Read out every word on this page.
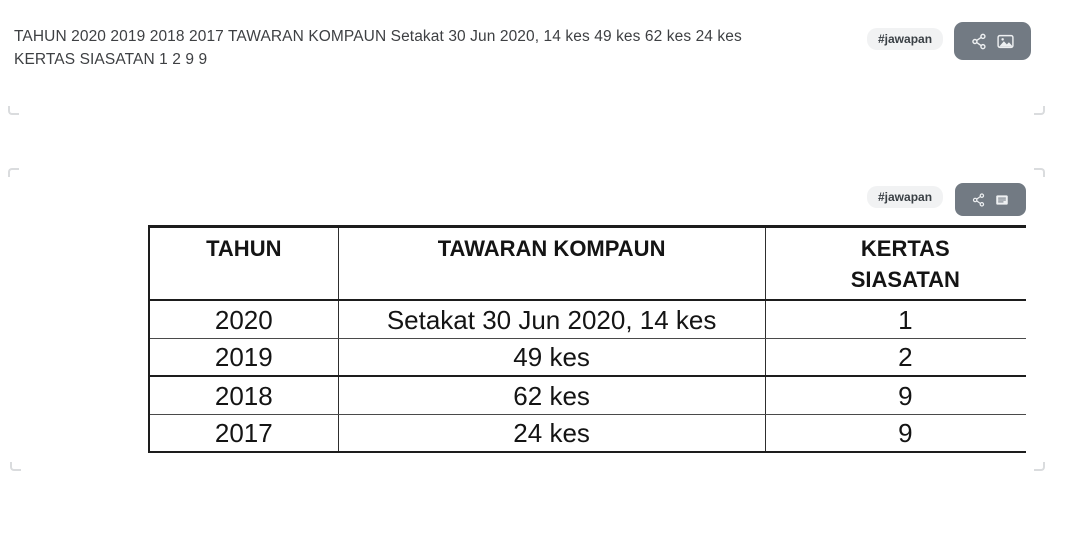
TAHUN 2020 2019 2018 2017 TAWARAN KOMPAUN Setakat 30 Jun 2020, 14 kes 49 kes 62 kes 24 kes
KERTAS SIASATAN 1 2 9 9
#jawapan
#jawapan
TAHUN	TAWARAN KOMPAUN	KERTAS SIASATAN
2020	Setakat 30 Jun 2020, 14 kes	1
2019	49 kes	2
2018	62 kes	9
2017	24 kes	9
